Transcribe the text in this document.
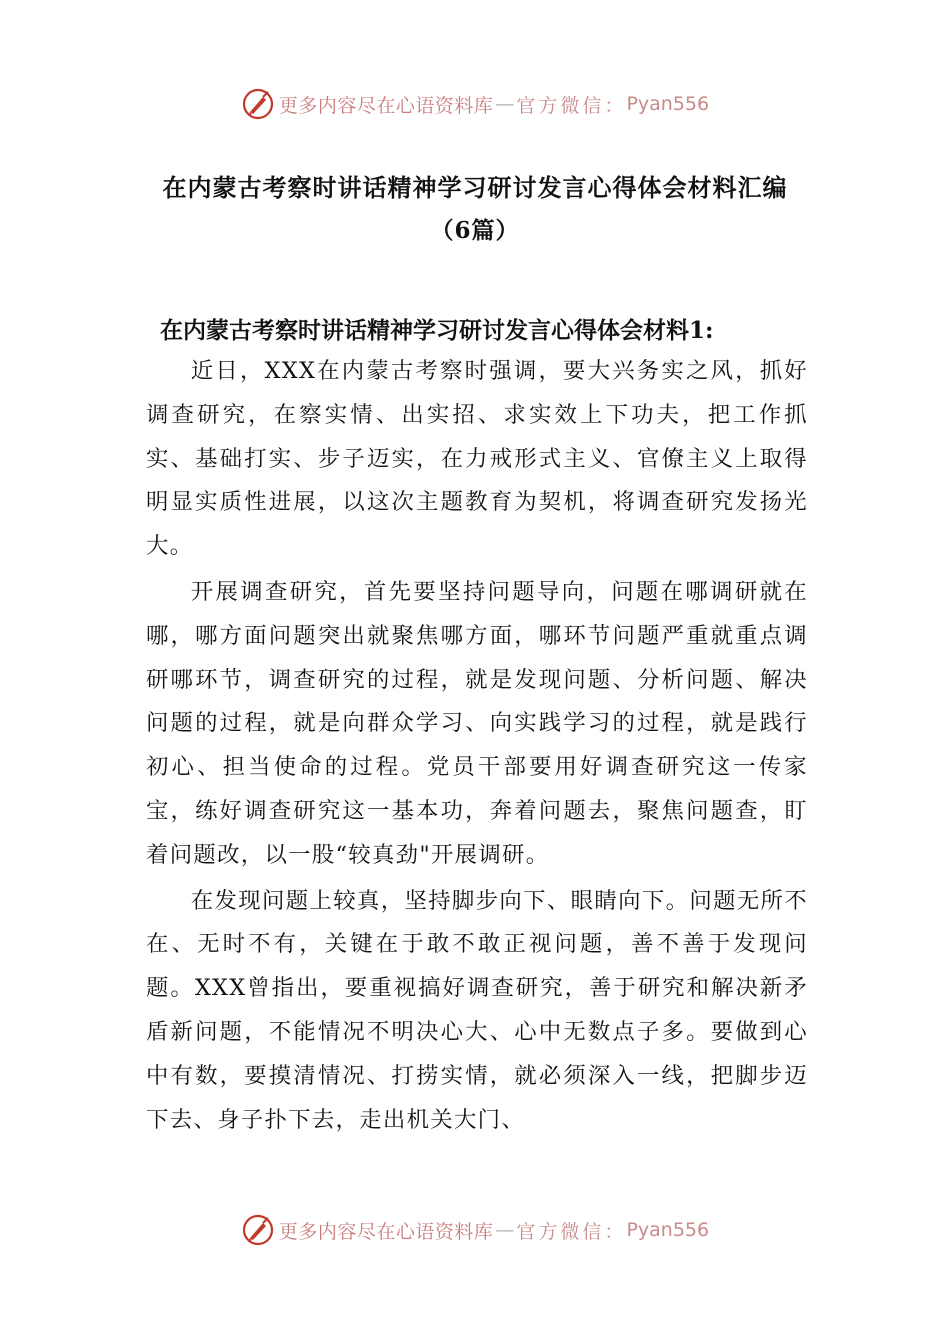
更多内容尽在心语资料库 — 官方微信： Pyan556
在内蒙古考察时讲话精神学习研讨发言心得体会材料汇编
（6篇）
在内蒙古考察时讲话精神学习研讨发言心得体会材料1:

近日，XXX在内蒙古考察时强调，要大兴务实之风，抓好调查研究，在察实情、出实招、求实效上下功夫，把工作抓实、基础打实、步子迈实，在力戒形式主义、官僚主义上取得明显实质性进展，以这次主题教育为契机，将调查研究发扬光大。

开展调查研究，首先要坚持问题导向，问题在哪调研就在哪，哪方面问题突出就聚焦哪方面，哪环节问题严重就重点调研哪环节，调查研究的过程，就是发现问题、分析问题、解决问题的过程，就是向群众学习、向实践学习的过程，就是践行初心、担当使命的过程。党员干部要用好调查研究这一传家宝，练好调查研究这一基本功，奔着问题去，聚焦问题查，盯着问题改，以一股“较真劲"开展调研。

在发现问题上较真，坚持脚步向下、眼睛向下。问题无所不在、无时不有，关键在于敢不敢正视问题，善不善于发现问题。XXX曾指出，要重视搞好调查研究，善于研究和解决新矛盾新问题，不能情况不明决心大、心中无数点子多。要做到心中有数，要摸清情况、打捞实情，就必须深入一线，把脚步迈下去、身子扑下去，走出机关大门、

更多内容尽在心语资料库 — 官方微信： Pyan556
